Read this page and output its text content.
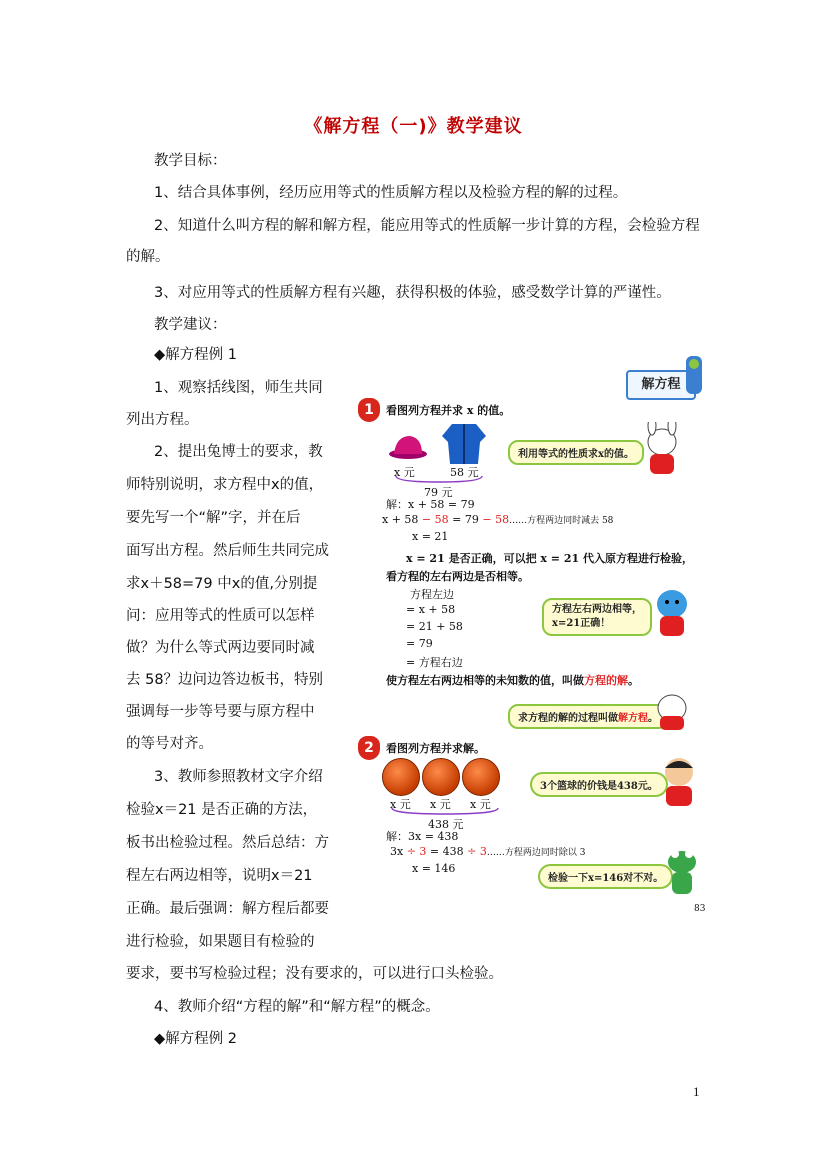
《解方程（一)》教学建议
教学目标：
1、结合具体事例，经历应用等式的性质解方程以及检验方程的解的过程。
2、知道什么叫方程的解和解方程，能应用等式的性质解一步计算的方程，会检验方程
的解。
3、对应用等式的性质解方程有兴趣，获得积极的体验，感受数学计算的严谨性。
教学建议：
◆解方程例 1
1、观察括线图，师生共同
列出方程。
2、提出兔博士的要求，教
师特别说明，求方程中x的值，
要先写一个“解”字，并在后
面写出方程。然后师生共同完成
求x＋58=79 中x的值,分别提
问：应用等式的性质可以怎样
做？为什么等式两边要同时减
去 58？边问边答边板书，特别
强调每一步等号要与原方程中
的等号对齐。
3、教师参照教材文字介绍
检验x＝21 是否正确的方法，
板书出检验过程。然后总结：方
程左右两边相等，说明x＝21
正确。最后强调：解方程后都要
进行检验，如果题目有检验的
要求，要书写检验过程；没有要求的，可以进行口头检验。
4、教师介绍“方程的解”和“解方程”的概念。
◆解方程例 2
1
解方程
1	看图列方程并求 x 的值。
x 元	58 元
79 元
利用等式的性质求x的值。
解：x + 58 = 79
x + 58 − 58 = 79 − 58……方程两边同时减去 58
x = 21
x = 21 是否正确，可以把 x = 21 代入原方程进行检验，
看方程的左右两边是否相等。
方程左边
= x + 58
= 21 + 58
= 79
= 方程右边
方程左右两边相等，
x=21正确！
使方程左右两边相等的未知数的值，叫做方程的解。
求方程的解的过程叫做解方程。
2	看图列方程并求解。
x 元 x 元 x 元
438 元
3个篮球的价钱是438元。
解：3x = 438
3x ÷ 3 = 438 ÷ 3……方程两边同时除以 3
x = 146
检验一下x=146对不对。
83
